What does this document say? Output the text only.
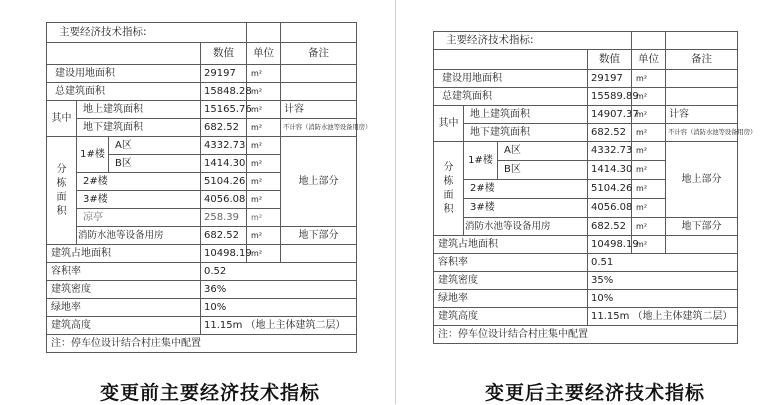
主要经济技术指标:					
			数值	单位	备注
建设用地面积			29197	m²	
总建筑面积			15848.28	m²	
其中	地上建筑面积		15165.76	m²	计容
	地下建筑面积		682.52	m²	不计容（消防水池等设备用房）
分栋面积	1#楼	A区	4332.73	m²	地上部分
		B区	1414.30	m²	
	2#楼		5104.26	m²	
	3#楼		4056.08	m²	
	凉亭		258.39	m²	
	消防水池等设备用房		682.52	m²	地下部分
建筑占地面积			10498.19	m²	
容积率			0.52		
建筑密度			36%		
绿地率			10%		
建筑高度			11.15m （地上主体建筑二层）		
注：停车位设计结合村庄集中配置					
变更前主要经济技术指标
主要经济技术指标:					
			数值	单位	备注
建设用地面积			29197	m²	
总建筑面积			15589.89	m²	
其中	地上建筑面积		14907.37	m²	计容
	地下建筑面积		682.52	m²	不计容（消防水池等设备用房）
分栋面积	1#楼	A区	4332.73	m²	地上部分
		B区	1414.30	m²	
	2#楼		5104.26	m²	
	3#楼		4056.08	m²	
	消防水池等设备用房		682.52	m²	地下部分
建筑占地面积			10498.19	m²	
容积率			0.51		
建筑密度			35%		
绿地率			10%		
建筑高度			11.15m （地上主体建筑二层）		
注：停车位设计结合村庄集中配置					
变更后主要经济技术指标
